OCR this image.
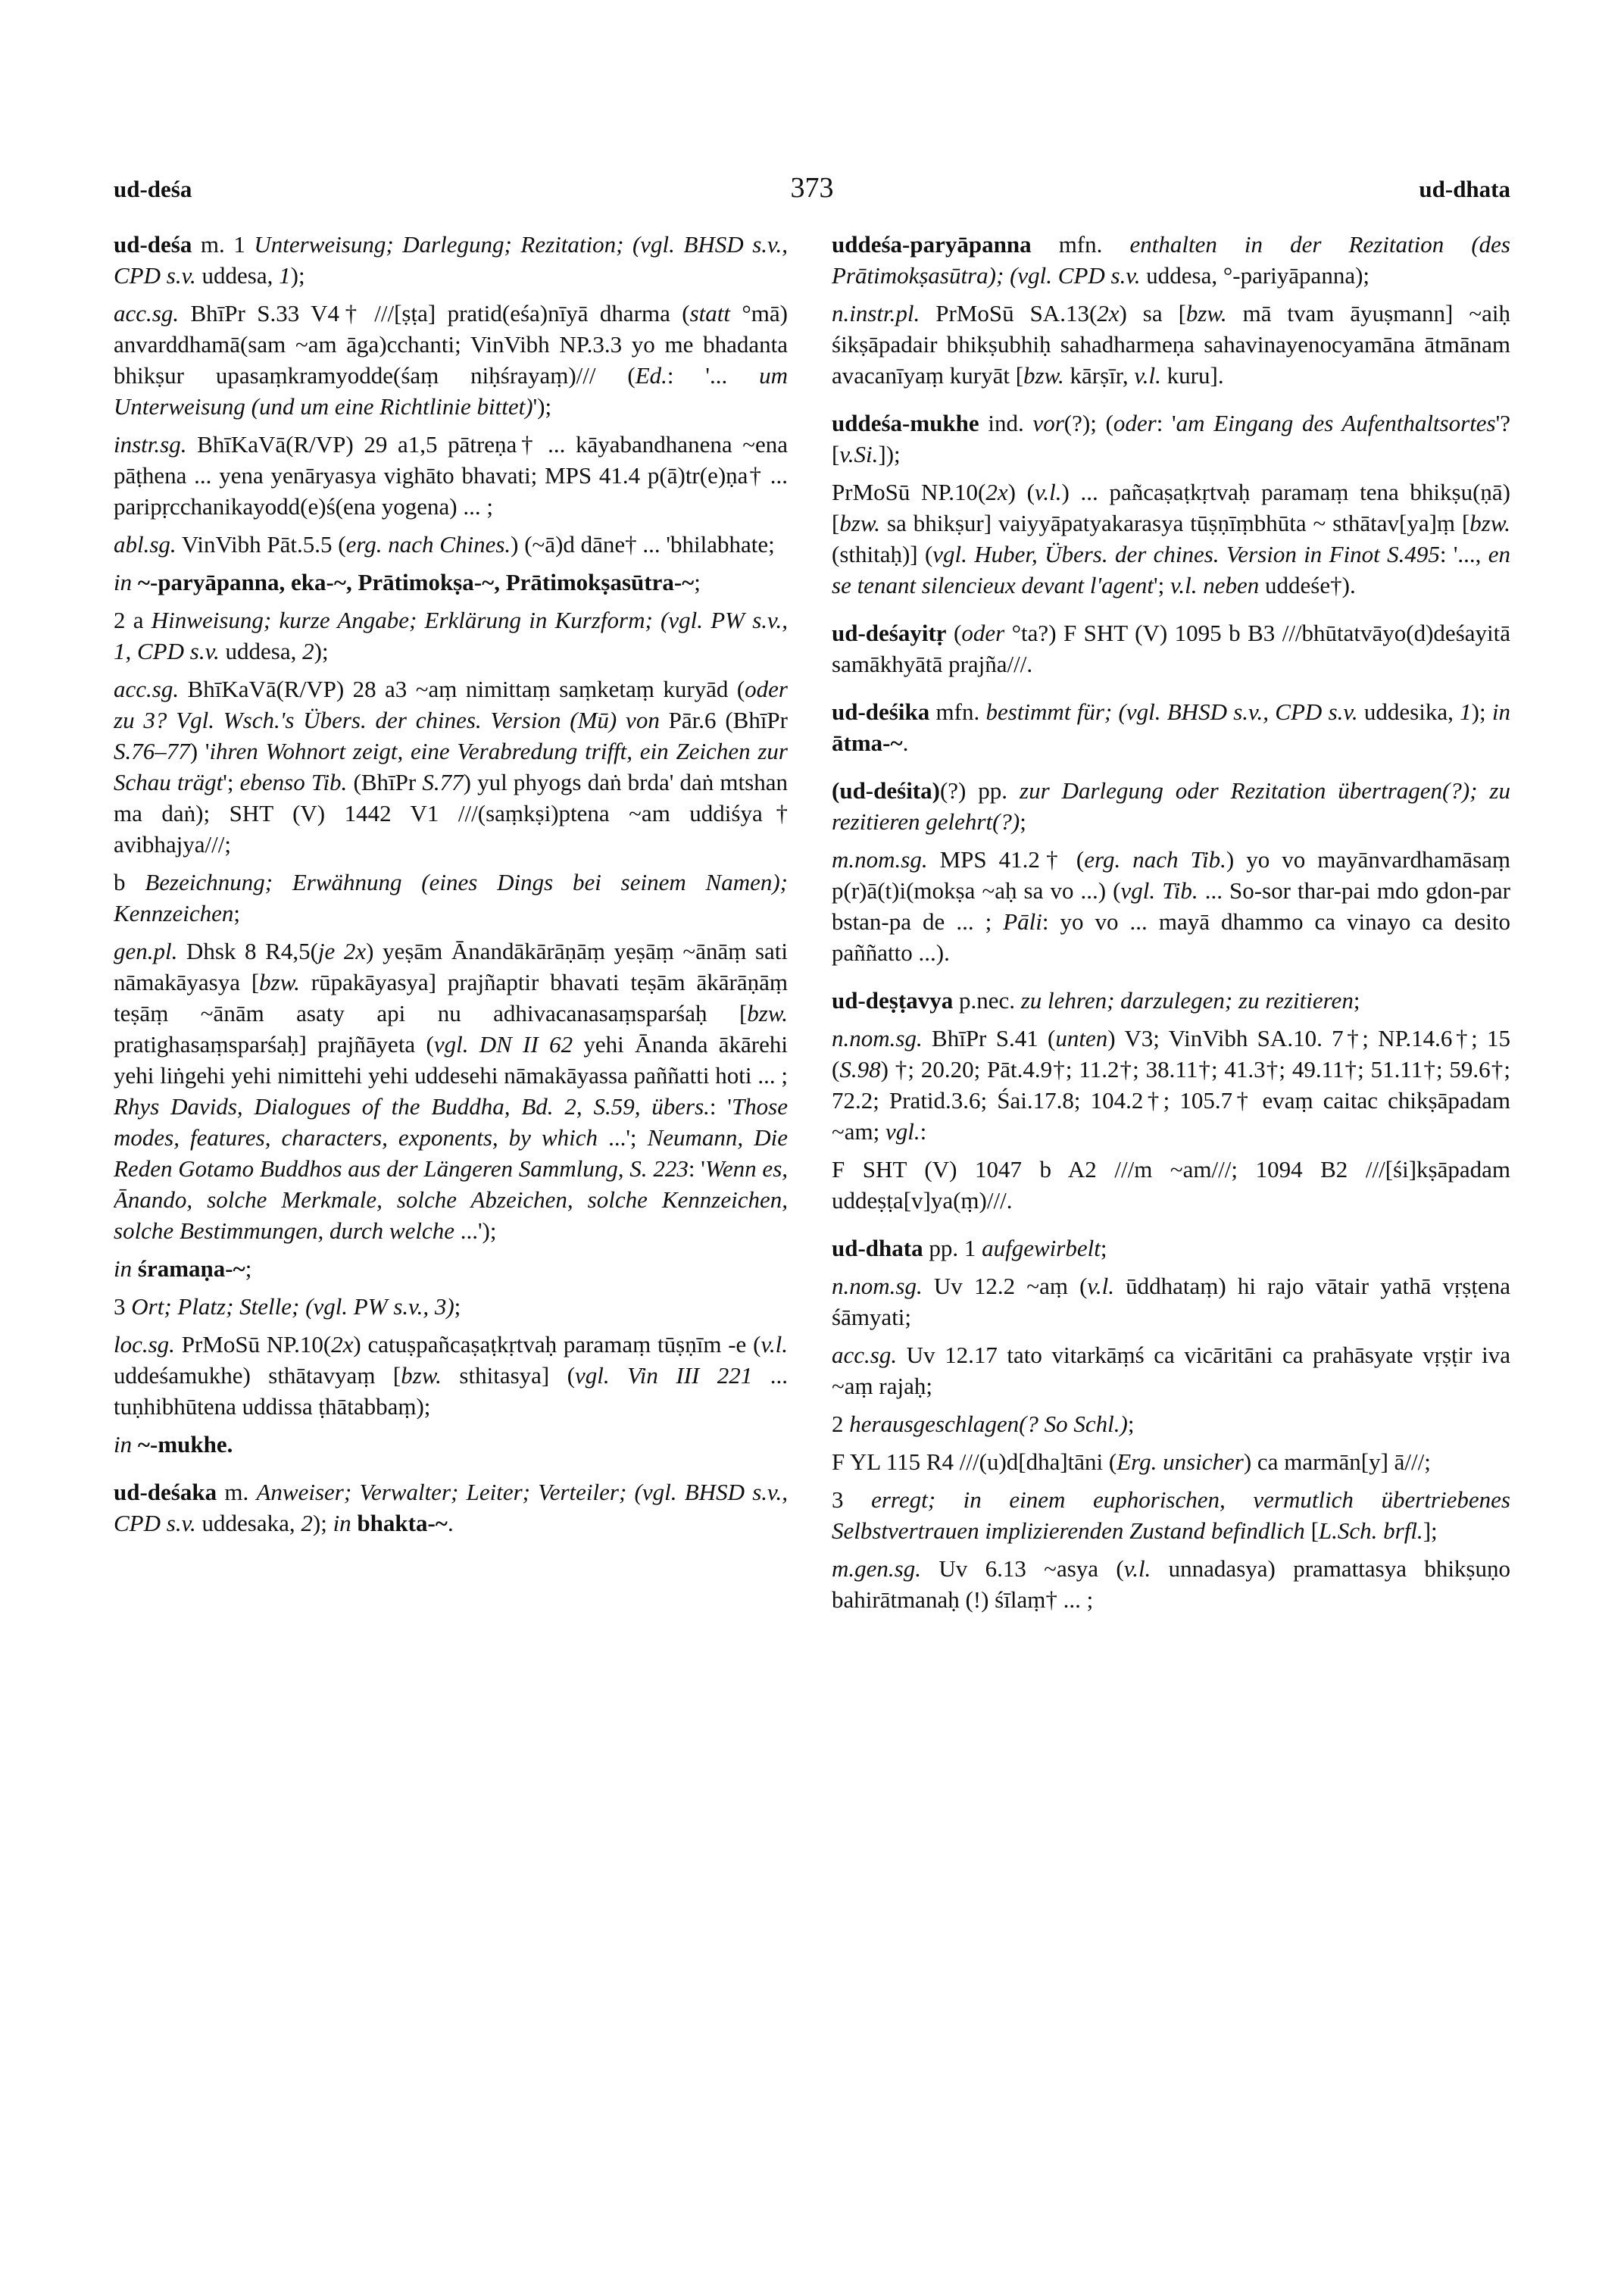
ud-deśa	373	ud-dhata

ud-deśa m. 1 Unterweisung; Darlegung; Rezitation; (vgl. BHSD s.v., CPD s.v. uddesa, 1);

acc.sg. BhīPr S.33 V4† ///[ṣṭa] pratid(eśa)nīyā dharma (statt °mā) anvarddhamā(sam ~am āga)cchanti; VinVibh NP.3.3 yo me bhadanta bhikṣur upasaṃkramyodde(śaṃ niḥśrayaṃ)/// (Ed.: '... um Unterweisung (und um eine Richtlinie bittet)');

instr.sg. BhīKaVā(R/VP) 29 a1,5 pātreṇa† ... kāyabandhanena ~ena pāṭhena ... yena yenāryasya vighāto bhavati; MPS 41.4 p(ā)tr(e)ṇa† ... paripṛcchanikayodd(e)ś(ena yogena) ... ;

abl.sg. VinVibh Pāt.5.5 (erg. nach Chines.) (~ā)d dāne† ... 'bhilabhate;

in ~-paryāpanna, eka-~, Prātimokṣa-~, Prātimokṣasūtra-~;

2 a Hinweisung; kurze Angabe; Erklärung in Kurzform; (vgl. PW s.v., 1, CPD s.v. uddesa, 2);

acc.sg. BhīKaVā(R/VP) 28 a3 ~aṃ nimittaṃ saṃketaṃ kuryād (oder zu 3? Vgl. Wsch.'s Übers. der chines. Version (Mū) von Pār.6 (BhīPr S.76–77) 'ihren Wohnort zeigt, eine Verabredung trifft, ein Zeichen zur Schau trägt'; ebenso Tib. (BhīPr S.77) yul phyogs daṅ brda' daṅ mtshan ma daṅ); SHT (V) 1442 V1 ///(saṃkṣi)ptena ~am uddiśya† avibhajya///;

b Bezeichnung; Erwähnung (eines Dings bei seinem Namen); Kennzeichen;

gen.pl. Dhsk 8 R4,5(je 2x) yeṣām Ānandākārāṇāṃ yeṣāṃ ~ānāṃ sati nāmakāyasya [bzw. rūpakāyasya] prajñaptir bhavati teṣām ākārāṇāṃ teṣāṃ ~ānām asaty api nu adhivacanasaṃsparśaḥ [bzw. pratighasaṃsparśaḥ] prajñāyeta (vgl. DN II 62 yehi Ānanda ākārehi yehi liṅgehi yehi nimittehi yehi uddesehi nāmakāyassa paññatti hoti ... ; Rhys Davids, Dialogues of the Buddha, Bd. 2, S.59, übers.: 'Those modes, features, characters, exponents, by which ...'; Neumann, Die Reden Gotamo Buddhos aus der Längeren Sammlung, S. 223: 'Wenn es, Ānando, solche Merkmale, solche Abzeichen, solche Kennzeichen, solche Bestimmungen, durch welche ...');

in śramaṇa-~;

3 Ort; Platz; Stelle; (vgl. PW s.v., 3);

loc.sg. PrMoSū NP.10(2x) catuṣpañcaṣaṭkṛtvaḥ paramaṃ tūṣṇīm -e (v.l. uddeśamukhe) sthātavyaṃ [bzw. sthitasya] (vgl. Vin III 221 ... tuṇhibhūtena uddissa ṭhātabbaṃ);

in ~-mukhe.

ud-deśaka m. Anweiser; Verwalter; Leiter; Verteiler; (vgl. BHSD s.v., CPD s.v. uddesaka, 2); in bhakta-~.

uddeśa-paryāpanna mfn. enthalten in der Rezitation (des Prātimokṣasūtra); (vgl. CPD s.v. uddesa, °-pariyāpanna);

n.instr.pl. PrMoSū SA.13(2x) sa [bzw. mā tvam āyuṣmann] ~aiḥ śikṣāpadair bhikṣubhiḥ sahadharmeṇa sahavinayenocyamāna ātmānam avacanīyaṃ kuryāt [bzw. kārṣīr, v.l. kuru].

uddeśa-mukhe ind. vor(?); (oder: 'am Eingang des Aufenthaltsortes'? [v.Si.]);

PrMoSū NP.10(2x) (v.l.) ... pañcaṣaṭkṛtvaḥ paramaṃ tena bhikṣu(ṇā) [bzw. sa bhikṣur] vaiyyāpatyakarasya tūṣṇīṃbhūta ~ sthātav[ya]ṃ [bzw. (sthitaḥ)] (vgl. Huber, Übers. der chines. Version in Finot S.495: '..., en se tenant silencieux devant l'agent'; v.l. neben uddeśe†).

ud-deśayitṛ (oder °ta?) F SHT (V) 1095 b B3 ///bhūtatvāyo(d)deśayitā samākhyātā prajña///.

ud-deśika mfn. bestimmt für; (vgl. BHSD s.v., CPD s.v. uddesika, 1); in ātma-~.

(ud-deśita)(?) pp. zur Darlegung oder Rezitation übertragen(?); zu rezitieren gelehrt(?);

m.nom.sg. MPS 41.2† (erg. nach Tib.) yo vo mayānvardhamāsaṃ p(r)ā(t)i(mokṣa ~aḥ sa vo ...) (vgl. Tib. ... So-sor thar-pai mdo gdon-par bstan-pa de ... ; Pāli: yo vo ... mayā dhammo ca vinayo ca desito paññatto ...).

ud-deṣṭavya p.nec. zu lehren; darzulegen; zu rezitieren;

n.nom.sg. BhīPr S.41 (unten) V3; VinVibh SA.10. 7†; NP.14.6†; 15 (S.98) †; 20.20; Pāt.4.9†; 11.2†; 38.11†; 41.3†; 49.11†; 51.11†; 59.6†; 72.2; Pratid.3.6; Śai.17.8; 104.2†; 105.7† evaṃ caitac chikṣāpadam ~am; vgl.:

F SHT (V) 1047 b A2 ///m ~am///; 1094 B2 ///[śi]kṣāpadam uddeṣṭa[v]ya(ṃ)///.

ud-dhata pp. 1 aufgewirbelt;

n.nom.sg. Uv 12.2 ~aṃ (v.l. ūddhataṃ) hi rajo vātair yathā vṛṣṭena śāmyati;

acc.sg. Uv 12.17 tato vitarkāṃś ca vicāritāni ca prahāsyate vṛṣṭir iva ~aṃ rajaḥ;

2 herausgeschlagen(? So Schl.);

F YL 115 R4 ///(u)d[dha]tāni (Erg. unsicher) ca marmān[y] ā///;

3 erregt; in einem euphorischen, vermutlich übertriebenes Selbstvertrauen implizierenden Zustand befindlich [L.Sch. brfl.];

m.gen.sg. Uv 6.13 ~asya (v.l. unnadasya) pramattasya bhikṣuṇo bahirātmanaḥ (!) śīlaṃ† ... ;
